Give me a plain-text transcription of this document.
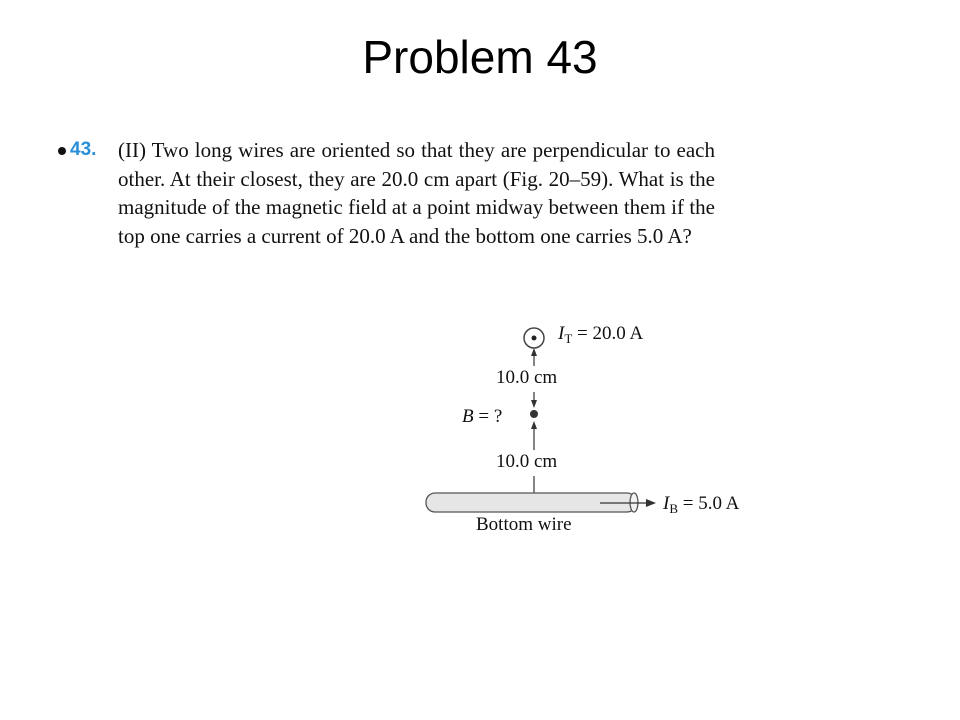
Problem 43
43.	(II) Two long wires are oriented so that they are perpendicular to each other. At their closest, they are 20.0 cm apart (Fig. 20–59). What is the magnitude of the magnetic field at a point midway between them if the top one carries a current of 20.0 A and the bottom one carries 5.0 A?
$I_T = 20.0$ A
10.0 cm
B = ?
10.0 cm
$I_B = 5.0$ A
Bottom wire
